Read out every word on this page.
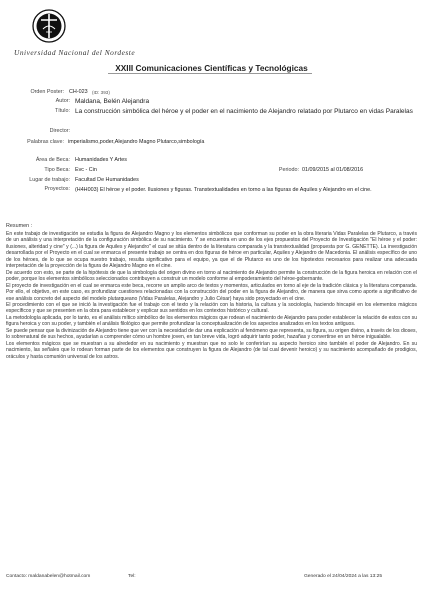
Universidad Nacional del Nordeste
XXIII Comunicaciones Científicas y Tecnológicas
Orden Poster: CH-023 (ID: 393)
Autor: Maldana, Belén Alejandra
Título: La construcción simbólica del héroe y el poder en el nacimiento de Alejandro relatado por Plutarco en vidas Paralelas
Director:
Palabras clave: imperialismo,poder,Alejandro Magno Plutarco,simbología
Área de Beca: Humanidades Y Artes
Tipo Beca: Evc - Cin	Periodo: 01/09/2015 al 01/08/2016
Lugar de trabajo: Facultad De Humanidades
Proyectos: (H4H003) El héroe y el poder. Ilusiones y figuras. Transtextualidades en torno a las figuras de Aquiles y Alejandro en el cine.
Resumen :

En este trabajo de investigación se estudia la figura de Alejandro Magno y los elementos simbólicos que conforman su poder en la obra literaria Vidas Paralelas de Plutarco, a través de un análisis y una interpretación de la configuración simbólica de su nacimiento. Y se encuentra en uno de los ejes propuestos del Proyecto de Investigación "El héroe y el poder: ilusiones, alteridad y cine" y (...) la figura de Aquiles y Alejandro" el cual se sitúa dentro de la literatura comparada y la transtextualidad (propuesta por G. GENETTE). La investigación desarrollada por el Proyecto en el cual se enmarca el presente trabajo se centra en dos figuras de héroe en particular, Aquiles y Alejandro de Macedonia. El análisis específico de uno de los héroes, de lo que se ocupa nuestro trabajo, resulta significativo para el equipo, ya que el de Plutarco es uno de los hipotextos necesarios para realizar una adecuada interpretación de la proyección de la figura de Alejandro Magno en el cine.

De acuerdo con esto, se parte de la hipótesis de que la simbología del origen divino en torno al nacimiento de Alejandro permite la construcción de la figura heroica en relación con el poder, porque los elementos simbólicos seleccionados contribuyen a construir un modelo conforme al empoderamiento del héroe-gobernante.

El proyecto de investigación en el cual se enmarca este beca, recorre un amplio arco de textos y momentos, articulados en torno al eje de la tradición clásica y la literatura comparada. Por ello, el objetivo, en este caso, es profundizar cuestiones relacionadas con la construcción del poder en la figura de Alejandro, de manera que sirva como aporte a significativo de ese análisis concreto del aspecto del modelo plutarqueano (Vidas Paralelas, Alejandro y Julio César) haya sido proyectado en el cine.

El procedimiento con el que se inició la investigación fue el trabajo con el texto y la relación con la historia, la cultura y la sociología, haciendo hincapié en los elementos mágicos específicos y que se presenten en la obra para establecer y explicar sus sentidos en los contextos histórico y cultural.

La metodología aplicada, por lo tanto, es el análisis mítico simbólico de los elementos mágicos que rodean el nacimiento de Alejandro para poder establecer la relación de estos con su figura heroica y con su poder, y también el análisis filológico que permite profundizar la conceptualización de los aspectos analizados en los textos antiguos.

Se puede pensar que la divinización de Alejandro tiene que ver con la necesidad de dar una explicación al fenómeno que representa, su figura, su origen divino, a través de los dioses, lo sobrenatural de sus hechos, ayudarían a comprender cómo un hombre joven, en tan breve vida, logró adquirir tanto poder, hazañas y convertirse en un héroe inigualable.

Los elementos mágicos que se muestran a su alrededor en su nacimiento y muestran que no solo le conferirían su aspecto heroico sino también el poder de Alejandro. En su nacimiento, las señales que lo rodean forman parte de los elementos que construyen la figura de Alejandro (de tal cual devenir heroico) y su nacimiento acompañado de prodigios, oráculos y hasta comunión universal de los astros.

Contacto: maldanabelen@hotmail.com	Tel:	Generado el 24/04/2024 a las 13:25
